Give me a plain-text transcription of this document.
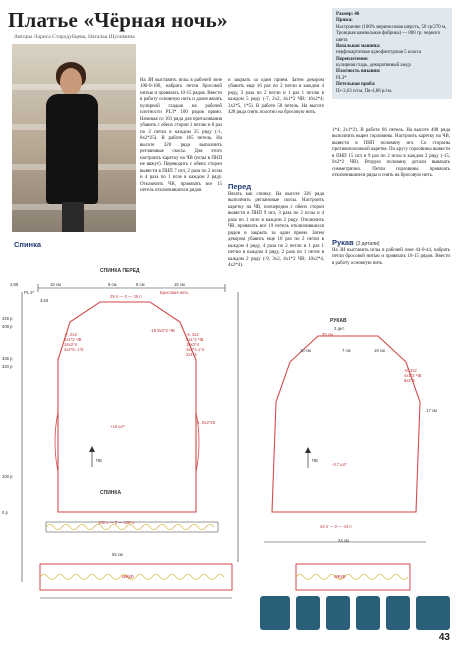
Платье «Чёрная ночь»
Авторы Лариса Стародубцева, Наталья Шулимина
Размер: 46
Пряжа:
Настроение (100% мериносовая шерсть, 50 гр/270 м, Троицкая камвольная фабрика) — 800 гр. черного цвета
Вязальная машина:
перфокарточная однофонтурная 5 класса
Переплетение:
кулирная гладь, декоративный ажур
Плотность вязания:
PL3*
Петельная проба:
Пг-3,63 п/см, Пв-4,88 р/см.
На ЗИ выставить иглы в рабочей зоне 100-0-100, набрать петли бросовой нитью и провязать 10-15 рядов. Ввести в работу основную нить и далее вязать кулирной гладью на рабочей плотности PL3* 100 рядов прямо. Начиная со 101 ряда для приталивания убавить с обеих сторон 1 петлю и 8 раз по 2 петли в каждом 25 ряду (-1, 8х2*25). В работе 165 петель. На высоте 320 ряда выполнить реглановые скосы. Для этого настроить каретку на ЧВ (иглы в ПНП не вяжут). Переводить с обеих сторон вывести в ПНП 7 игл, 2 раза по 2 иглы и 4 раза по 1 игле в каждом 2 ряду. Отключить ЧВ, провязать все 15 петель отключившихся рядов
и закрыть за один прием. Затем декором убавить еще 16 раз по 2 петли в каждом 4 ряду, 3 раза по 2 петли и 1 раз 1 петлю в каждом 5 ряду (-7, 2х2, 4х1*2 ЧВ; 16х2*4; 3х2*5, 1*5). В работе 58 петель. На высоте 428 ряда снять полотно на бросовую нить.
Перед
Вязать как спинку. На высоте 336 ряда выполнить реглановые скосы. Настроить каретку на ЧВ, поочередно с обеих сторон вывести в ПНП 9 игл, 3 раза по 2 иглы и 4 раза по 1 игле в каждом 2 ряду. Отключить ЧВ, провязать все 19 петель отключившихся рядов и закрыть за один прием. Затем декором убавить еще 10 раз по 2 петли в каждом 4 ряду, 4 раза по 2 петли и 1 раз 1 петлю в каждом 4 ряду, 2 раза по 1 петле в каждом 2 ряду (-9, 3х2, 4х1*2 ЧВ; 10х2*4, 4х2*4).
1*4; 2х1*2). В работе 66 петель. На высоте 408 ряда выполнить вырез горловины. Настроить каретку на ЧВ, вывести в ПНП половину игл. Со стороны противоположной каретке. По кругу горловины вывести в ПНП 15 игл и 9 раз по 2 иглы в каждом 2 ряду (-15, 9х2*2 ЧВ). Вторую половину детали вывязать симметрично. Петли горловины провязать отключившиеся ряды и снять на бросовую нить.
Рукав (2 детали)
На ЗИ выставить иглы в рабочей зоне 44-0-44, набрать петли бросовой нитью и провязать 10-15 рядов. Ввести в работу основную нить
Спинка
СПИНКА ПЕРЕД
СПИНКА
РУКАВ
2 дет.
ажур	ажур
ПВ	ПВ
55 см
24 см
PL 3*
3,63
4,88	15 см	9 см	8 см	15 см
29 п — 0 — 29 п
Бросовая нить
35 см
+16 шт*
+17 шт*
44 п — 0 — 44 п
100 п — 0 — 100 п
-15 9х2*2 ЧВ
428 р
408 р
336 р
320 р
100 р
0 р
-7, 2х2
4х1*2 ЧВ
16х2*4
3х2*5, 1*5
-9, 3х2
4х1*2 ЧВ
10х2*4
4х2*4 1*4
2х1*2
-1, 8х2*25
-8, 3х2
4х1*2 ЧВ
8х2*4
10 см	7 см	19 см
17 см
43
